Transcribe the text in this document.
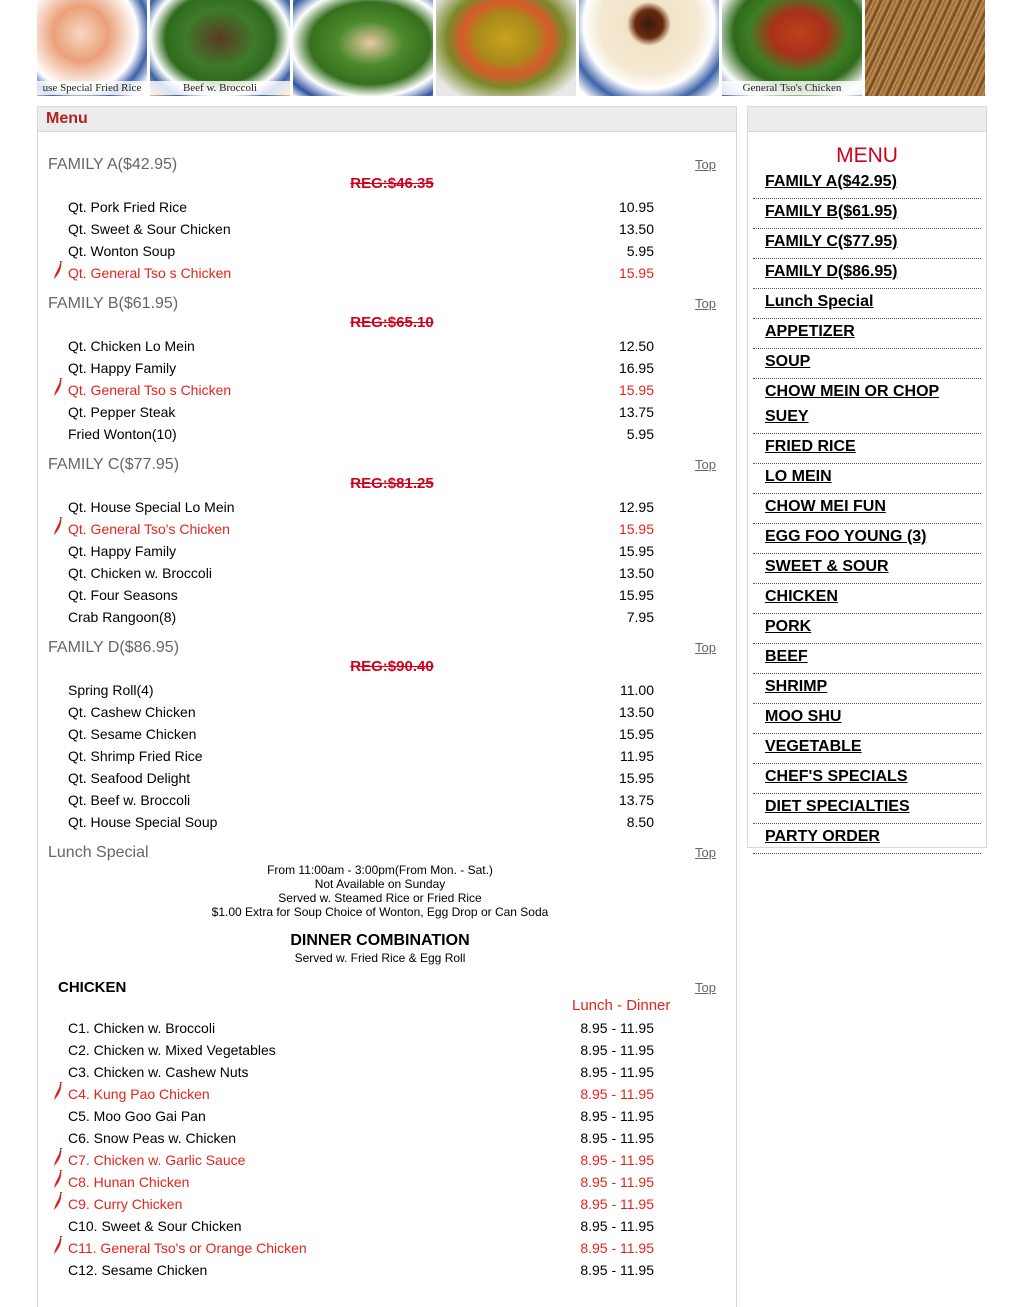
use Special Fried Rice	Beef w. Broccoli	General Tso's Chicken
Menu
FAMILY A($42.95)	Top
REG:$46.35
Qt. Pork Fried Rice	10.95
Qt. Sweet & Sour Chicken	13.50
Qt. Wonton Soup	5.95
Qt. General Tso s Chicken	15.95
FAMILY B($61.95)	Top
REG:$65.10
Qt. Chicken Lo Mein	12.50
Qt. Happy Family	16.95
Qt. General Tso s Chicken	15.95
Qt. Pepper Steak	13.75
Fried Wonton(10)	5.95
FAMILY C($77.95)	Top
REG:$81.25
Qt. House Special Lo Mein	12.95
Qt. General Tso's Chicken	15.95
Qt. Happy Family	15.95
Qt. Chicken w. Broccoli	13.50
Qt. Four Seasons	15.95
Crab Rangoon(8)	7.95
FAMILY D($86.95)	Top
REG:$90.40
Spring Roll(4)	11.00
Qt. Cashew Chicken	13.50
Qt. Sesame Chicken	15.95
Qt. Shrimp Fried Rice	11.95
Qt. Seafood Delight	15.95
Qt. Beef w. Broccoli	13.75
Qt. House Special Soup	8.50
Lunch Special	Top
From 11:00am - 3:00pm(From Mon. - Sat.)
Not Available on Sunday
Served w. Steamed Rice or Fried Rice
$1.00 Extra for Soup Choice of Wonton, Egg Drop or Can Soda
DINNER COMBINATION
Served w. Fried Rice & Egg Roll
CHICKEN	Top
Lunch - Dinner
C1. Chicken w. Broccoli	8.95 - 11.95
C2. Chicken w. Mixed Vegetables	8.95 - 11.95
C3. Chicken w. Cashew Nuts	8.95 - 11.95
C4. Kung Pao Chicken	8.95 - 11.95
C5. Moo Goo Gai Pan	8.95 - 11.95
C6. Snow Peas w. Chicken	8.95 - 11.95
C7. Chicken w. Garlic Sauce	8.95 - 11.95
C8. Hunan Chicken	8.95 - 11.95
C9. Curry Chicken	8.95 - 11.95
C10. Sweet & Sour Chicken	8.95 - 11.95
C11. General Tso's or Orange Chicken	8.95 - 11.95
C12. Sesame Chicken	8.95 - 11.95
MENU
FAMILY A($42.95)
FAMILY B($61.95)
FAMILY C($77.95)
FAMILY D($86.95)
Lunch Special
APPETIZER
SOUP
CHOW MEIN OR CHOP SUEY
FRIED RICE
LO MEIN
CHOW MEI FUN
EGG FOO YOUNG (3)
SWEET & SOUR
CHICKEN
PORK
BEEF
SHRIMP
MOO SHU
VEGETABLE
CHEF'S SPECIALS
DIET SPECIALTIES
PARTY ORDER
